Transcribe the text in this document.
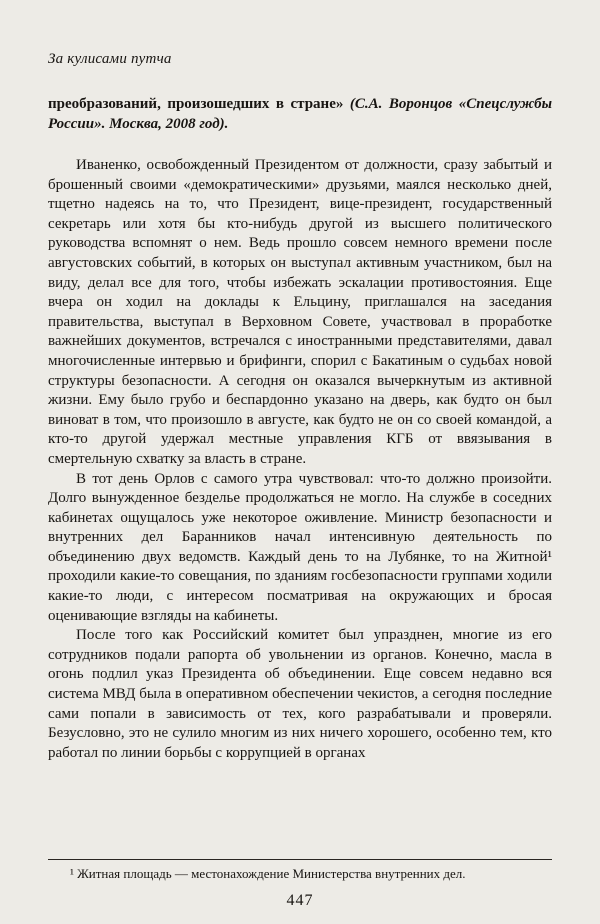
За кулисами путча

преобразований, произошедших в стране» (С.А. Воронцов «Спецслужбы России». Москва, 2008 год).

Иваненко, освобожденный Президентом от должности, сразу забытый и брошенный своими «демократическими» друзьями, маялся несколько дней, тщетно надеясь на то, что Президент, вице-президент, государственный секретарь или хотя бы кто-нибудь другой из высшего политического руководства вспомнят о нем. Ведь прошло совсем немного времени после августовских событий, в которых он выступал активным участником, был на виду, делал все для того, чтобы избежать эскалации противостояния. Еще вчера он ходил на доклады к Ельцину, приглашался на заседания правительства, выступал в Верховном Совете, участвовал в проработке важнейших документов, встречался с иностранными представителями, давал многочисленные интервью и брифинги, спорил с Бакатиным о судьбах новой структуры безопасности. А сегодня он оказался вычеркнутым из активной жизни. Ему было грубо и беспардонно указано на дверь, как будто он был виноват в том, что произошло в августе, как будто не он со своей командой, а кто-то другой удержал местные управления КГБ от ввязывания в смертельную схватку за власть в стране.

В тот день Орлов с самого утра чувствовал: что-то должно произойти. Долго вынужденное безделье продолжаться не могло. На службе в соседних кабинетах ощущалось уже некоторое оживление. Министр безопасности и внутренних дел Баранников начал интенсивную деятельность по объединению двух ведомств. Каждый день то на Лубянке, то на Житной¹ проходили какие-то совещания, по зданиям госбезопасности группами ходили какие-то люди, с интересом посматривая на окружающих и бросая оценивающие взгляды на кабинеты.

После того как Российский комитет был упразднен, многие из его сотрудников подали рапорта об увольнении из органов. Конечно, масла в огонь подлил указ Президента об объединении. Еще совсем недавно вся система МВД была в оперативном обеспечении чекистов, а сегодня последние сами попали в зависимость от тех, кого разрабатывали и проверяли. Безусловно, это не сулило многим из них ничего хорошего, особенно тем, кто работал по линии борьбы с коррупцией в органах

¹ Житная площадь — местонахождение Министерства внутренних дел.

447
